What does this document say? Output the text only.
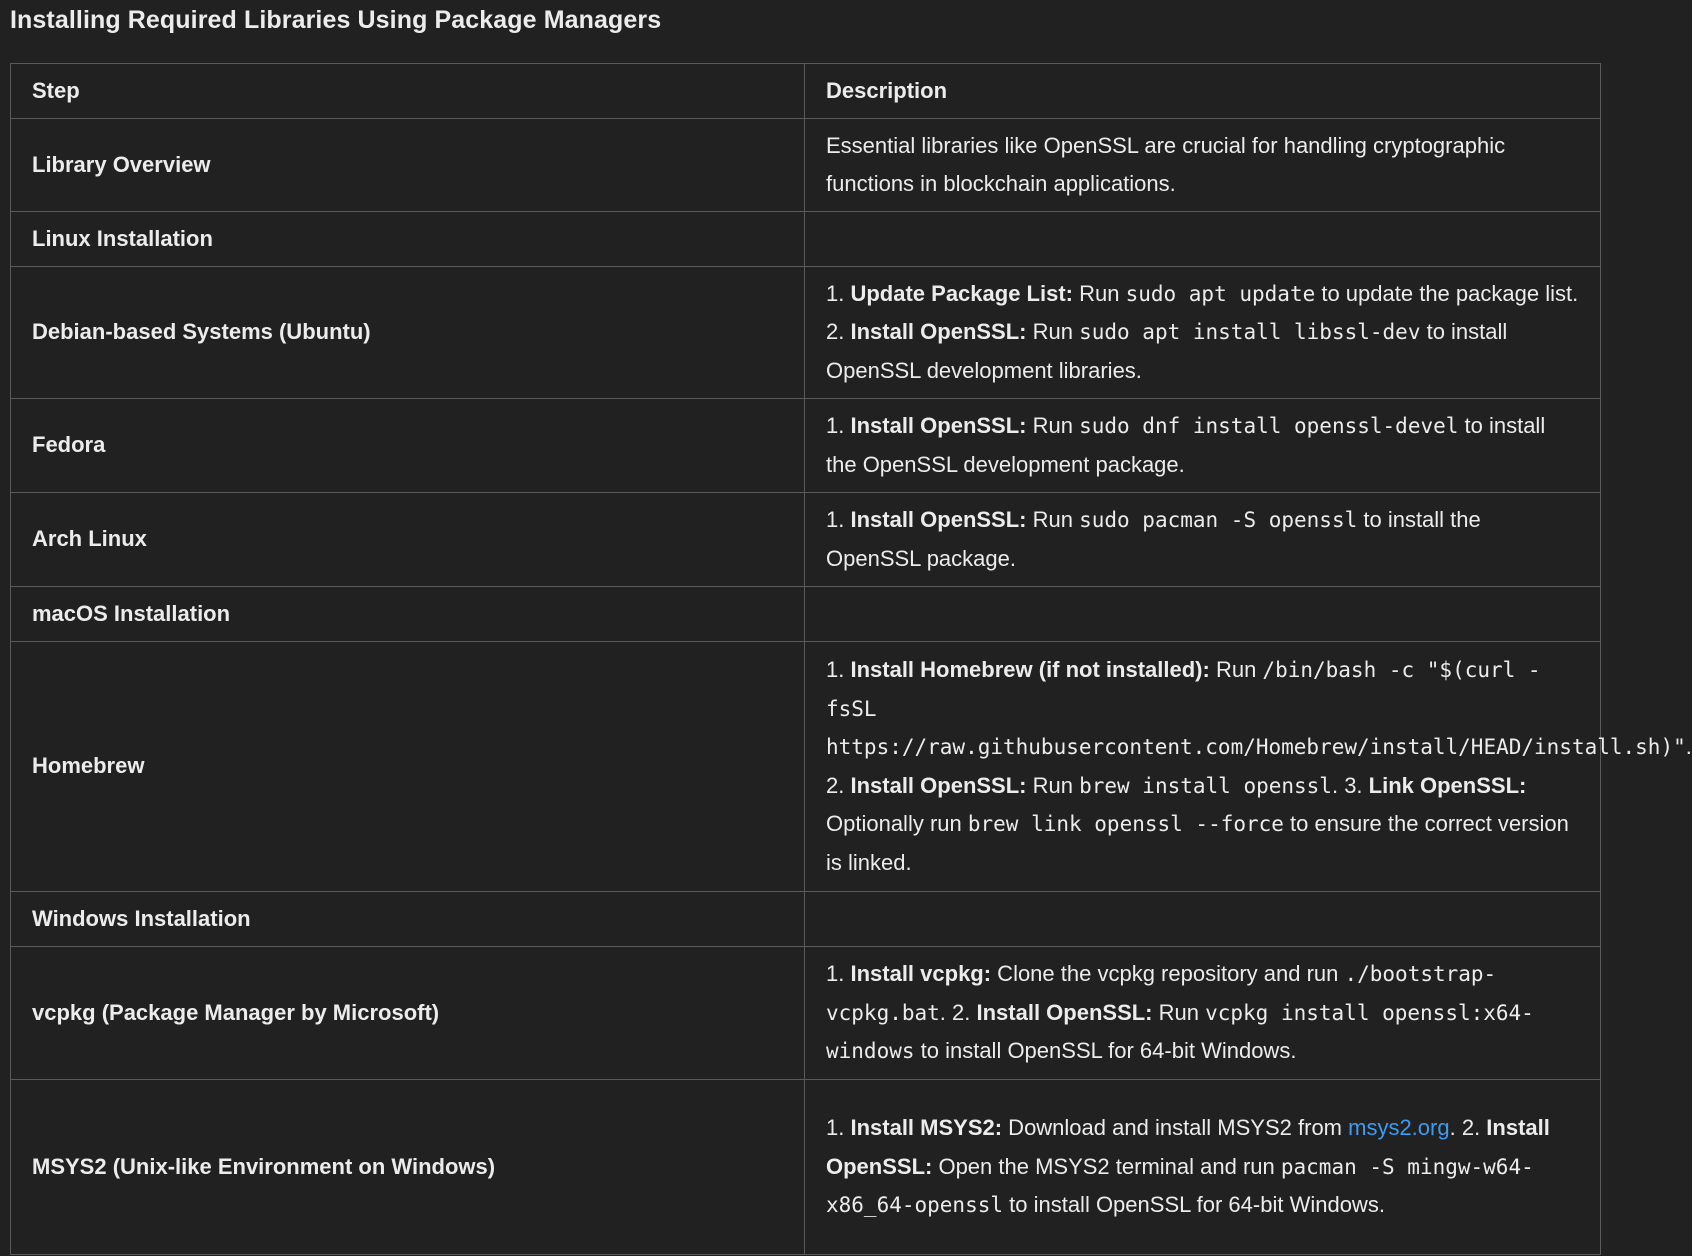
Installing Required Libraries Using Package Managers
Step	Description
Library Overview	Essential libraries like OpenSSL are crucial for handling cryptographic functions in blockchain applications.
Linux Installation	
Debian-based Systems (Ubuntu)	1. Update Package List: Run sudo apt update to update the package list. 2. Install OpenSSL: Run sudo apt install libssl-dev to install OpenSSL development libraries.
Fedora	1. Install OpenSSL: Run sudo dnf install openssl-devel to install the OpenSSL development package.
Arch Linux	1. Install OpenSSL: Run sudo pacman -S openssl to install the OpenSSL package.
macOS Installation	
Homebrew	1. Install Homebrew (if not installed): Run /bin/bash -c "$(curl -fsSL https://raw.githubusercontent.com/Homebrew/install/HEAD/install.sh)". 2. Install OpenSSL: Run brew install openssl. 3. Link OpenSSL: Optionally run brew link openssl --force to ensure the correct version is linked.
Windows Installation	
vcpkg (Package Manager by Microsoft)	1. Install vcpkg: Clone the vcpkg repository and run ./bootstrap-vcpkg.bat. 2. Install OpenSSL: Run vcpkg install openssl:x64-windows to install OpenSSL for 64-bit Windows.
MSYS2 (Unix-like Environment on Windows)	1. Install MSYS2: Download and install MSYS2 from msys2.org. 2. Install OpenSSL: Open the MSYS2 terminal and run pacman -S mingw-w64-x86_64-openssl to install OpenSSL for 64-bit Windows.
